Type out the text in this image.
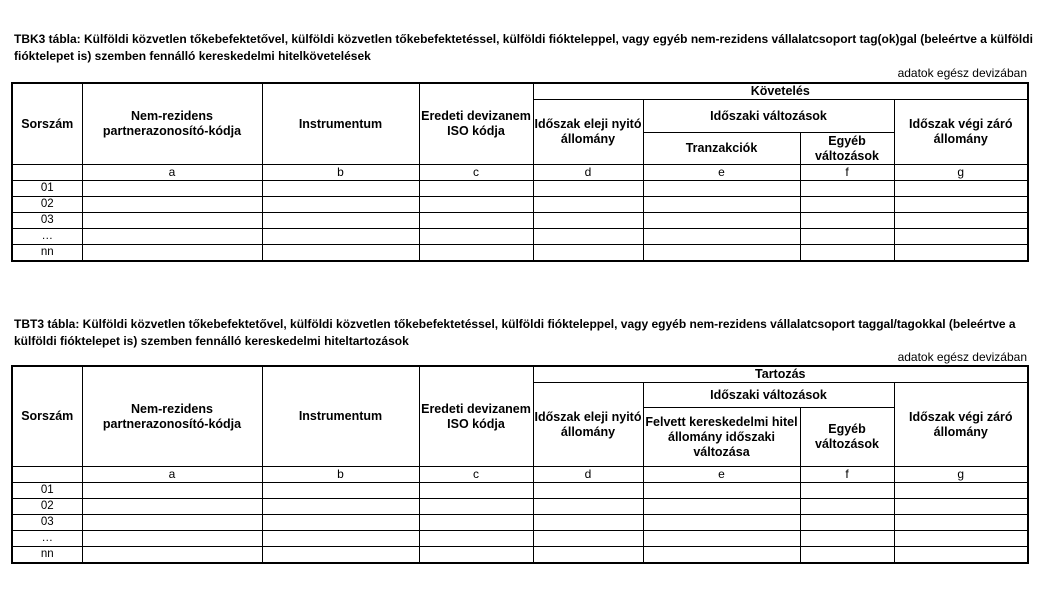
TBK3 tábla: Külföldi közvetlen tőkebefektetővel, külföldi közvetlen tőkebefektetéssel, külföldi fiókteleppel, vagy egyéb nem-rezidens vállalatcsoport tag(ok)gal (beleértve a külföldi fióktelepet is) szemben fennálló kereskedelmi hitelkövetelések

adatok egész devizában
Sorszám	Nem-rezidens partnerazonosító-kódja	Instrumentum	Eredeti devizanem ISO kódja	Követelés			
				Időszak eleji nyitó állomány	Időszaki változások		Időszak végi záró állomány
					Tranzakciók	Egyéb változások	
	a	b	c	d	e	f	g
01							
02							
03							
…							
nn							

TBT3 tábla: Külföldi közvetlen tőkebefektetővel, külföldi közvetlen tőkebefektetéssel, külföldi fiókteleppel, vagy egyéb nem-rezidens vállalatcsoport taggal/tagokkal (beleértve a külföldi fióktelepet is) szemben fennálló kereskedelmi hiteltartozások

adatok egész devizában
Sorszám	Nem-rezidens partnerazonosító-kódja	Instrumentum	Eredeti devizanem ISO kódja	Tartozás			
				Időszak eleji nyitó állomány	Időszaki változások		Időszak végi záró állomány
					Felvett kereskedelmi hitel állomány időszaki változása	Egyéb változások	
	a	b	c	d	e	f	g
01							
02							
03							
…							
nn							
